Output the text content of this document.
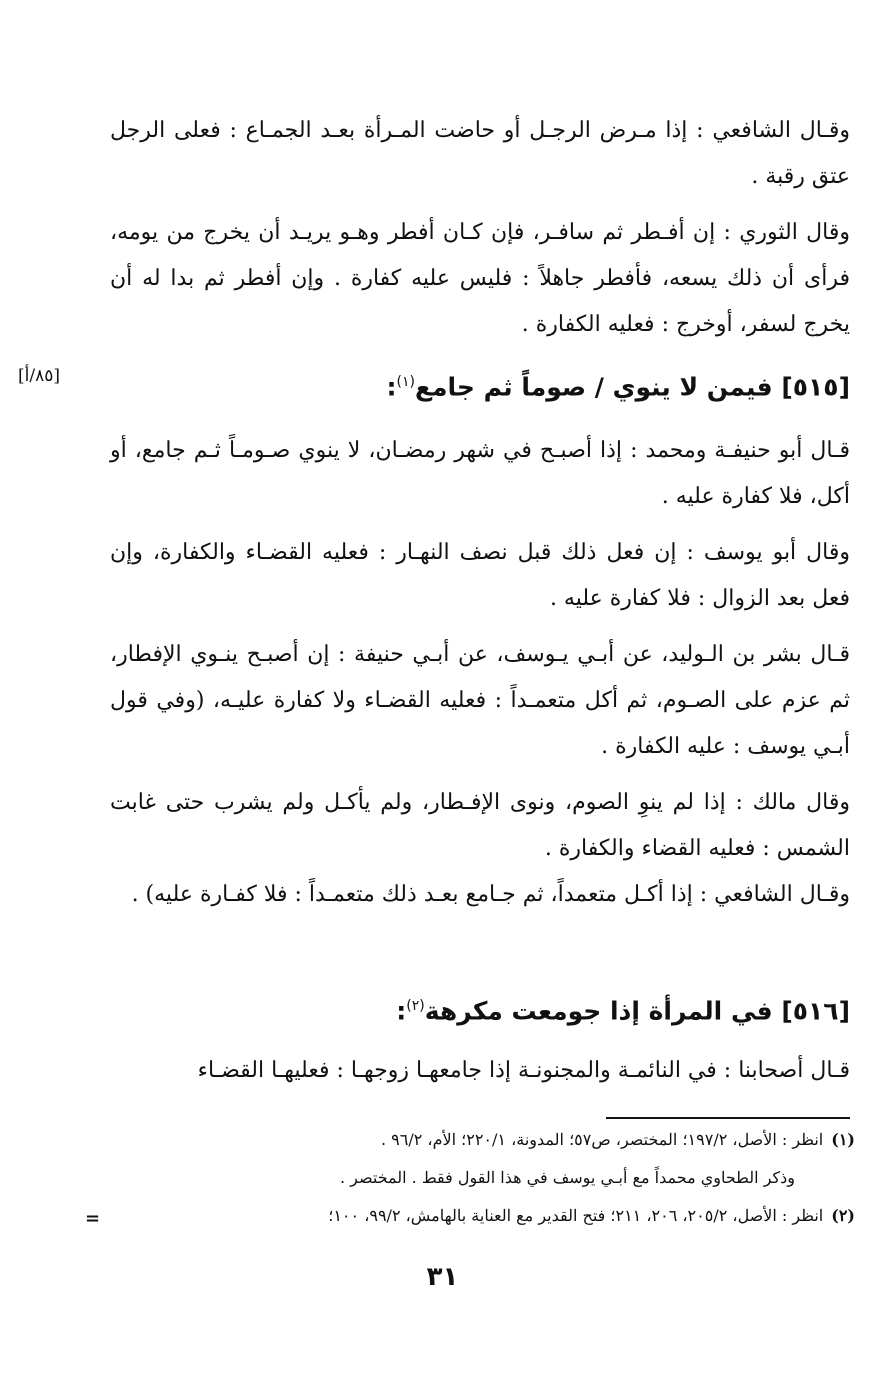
وقـال الشافعي : إذا مـرض الرجـل أو حاضت المـرأة بعـد الجمـاع : فعلى الرجل عتق رقبة .

وقال الثوري : إن أفـطر ثم سافـر، فإن كـان أفطر وهـو يريـد أن يخرج من يومه، فرأى أن ذلك يسعه، فأفطر جاهلاً : فليس عليه كفارة . وإن أفطر ثم بدا له أن يخرج لسفر، أوخرج : فعليه الكفارة .

[٥١٥] فيمن لا ينوي / صوماً ثم جامع$^{(١)}$:
[٨٥/أ]

قـال أبو حنيفـة ومحمد : إذا أصبـح في شهر رمضـان، لا ينوي صـومـاً ثـم جامع، أو أكل، فلا كفارة عليه .

وقال أبو يوسف : إن فعل ذلك قبل نصف النهـار : فعليه القضـاء والكفارة، وإن فعل بعد الزوال : فلا كفارة عليه .

قـال بشر بن الـوليد، عن أبـي يـوسف، عن أبـي حنيفة : إن أصبـح ينـوي الإفطار، ثم عزم على الصـوم، ثم أكل متعمـداً : فعليه القضـاء ولا كفارة عليـه، (وفي قول أبـي يوسف : عليه الكفارة .

وقال مالك : إذا لم ينوِ الصوم، ونوى الإفـطار، ولم يأكـل ولم يشرب حتى غابت الشمس : فعليه القضاء والكفارة .

وقـال الشافعي : إذا أكـل متعمداً، ثم جـامع بعـد ذلك متعمـداً : فلا كفـارة عليه) .

[٥١٦] في المرأة إذا جومعت مكرهة$^{(٢)}$:

قـال أصحابنا : في النائمـة والمجنونـة إذا جامعهـا زوجهـا : فعليهـا القضـاء

(١)انظر : الأصل، ١٩٧/٢؛ المختصر، ص٥٧؛ المدونة، ٢٢٠/١؛ الأم، ٩٦/٢ .

وذكر الطحاوي محمداً مع أبـي يوسف في هذا القول فقط . المختصر .

(٢)انظر : الأصل، ٢٠٥/٢، ٢٠٦، ٢١١؛ فتح القدير مع العناية بالهامش، ٩٩/٢، ١٠٠؛

=
٣١
